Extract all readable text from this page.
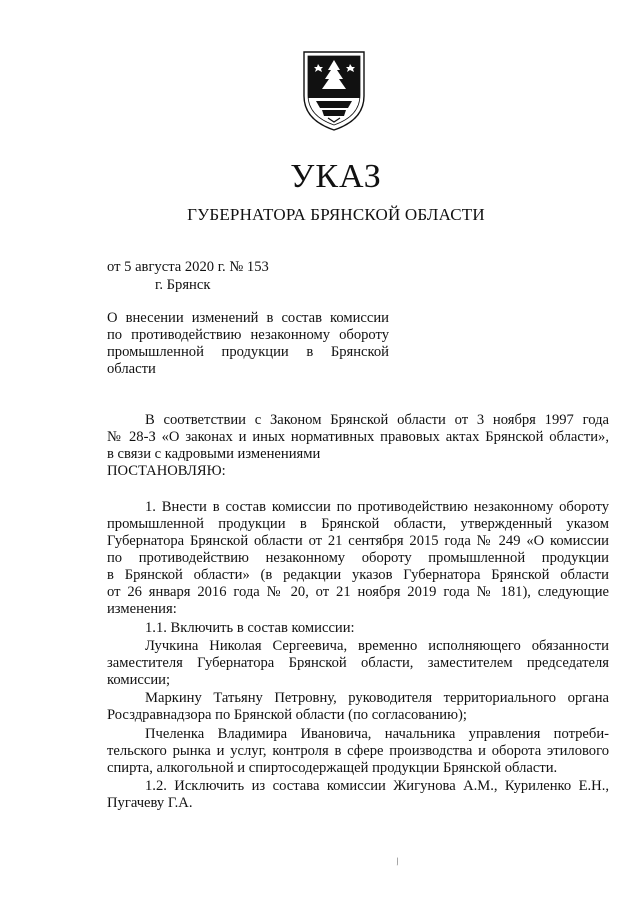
УКАЗ
ГУБЕРНАТОРА БРЯНСКОЙ ОБЛАСТИ
от 5 августа 2020 г. № 153
г. Брянск
О внесении изменений в состав комиссии
по противодействию незаконному обороту
промышленной продукции в Брянской
области
В соответствии с Законом Брянской области от 3 ноября 1997 года
№ 28-З «О законах и иных нормативных правовых актах Брянской области»,
в связи с кадровыми изменениями
ПОСТАНОВЛЯЮ:
1. Внести в состав комиссии по противодействию незаконному обороту
промышленной продукции в Брянской области, утвержденный указом
Губернатора Брянской области от 21 сентября 2015 года № 249 «О комиссии
по противодействию незаконному обороту промышленной продукции
в Брянской области» (в редакции указов Губернатора Брянской области
от 26 января 2016 года № 20, от 21 ноября 2019 года № 181), следующие
изменения:
1.1. Включить в состав комиссии:
Лучкина Николая Сергеевича, временно исполняющего обязанности
заместителя Губернатора Брянской области, заместителем председателя
комиссии;
Маркину Татьяну Петровну, руководителя территориального органа
Росздравнадзора по Брянской области (по согласованию);
Пчеленка Владимира Ивановича, начальника управления потреби-
тельского рынка и услуг, контроля в сфере производства и оборота этилового
спирта, алкогольной и спиртосодержащей продукции Брянской области.
1.2. Исключить из состава комиссии Жигунова А.М., Куриленко Е.Н.,
Пугачеву Г.А.
/
